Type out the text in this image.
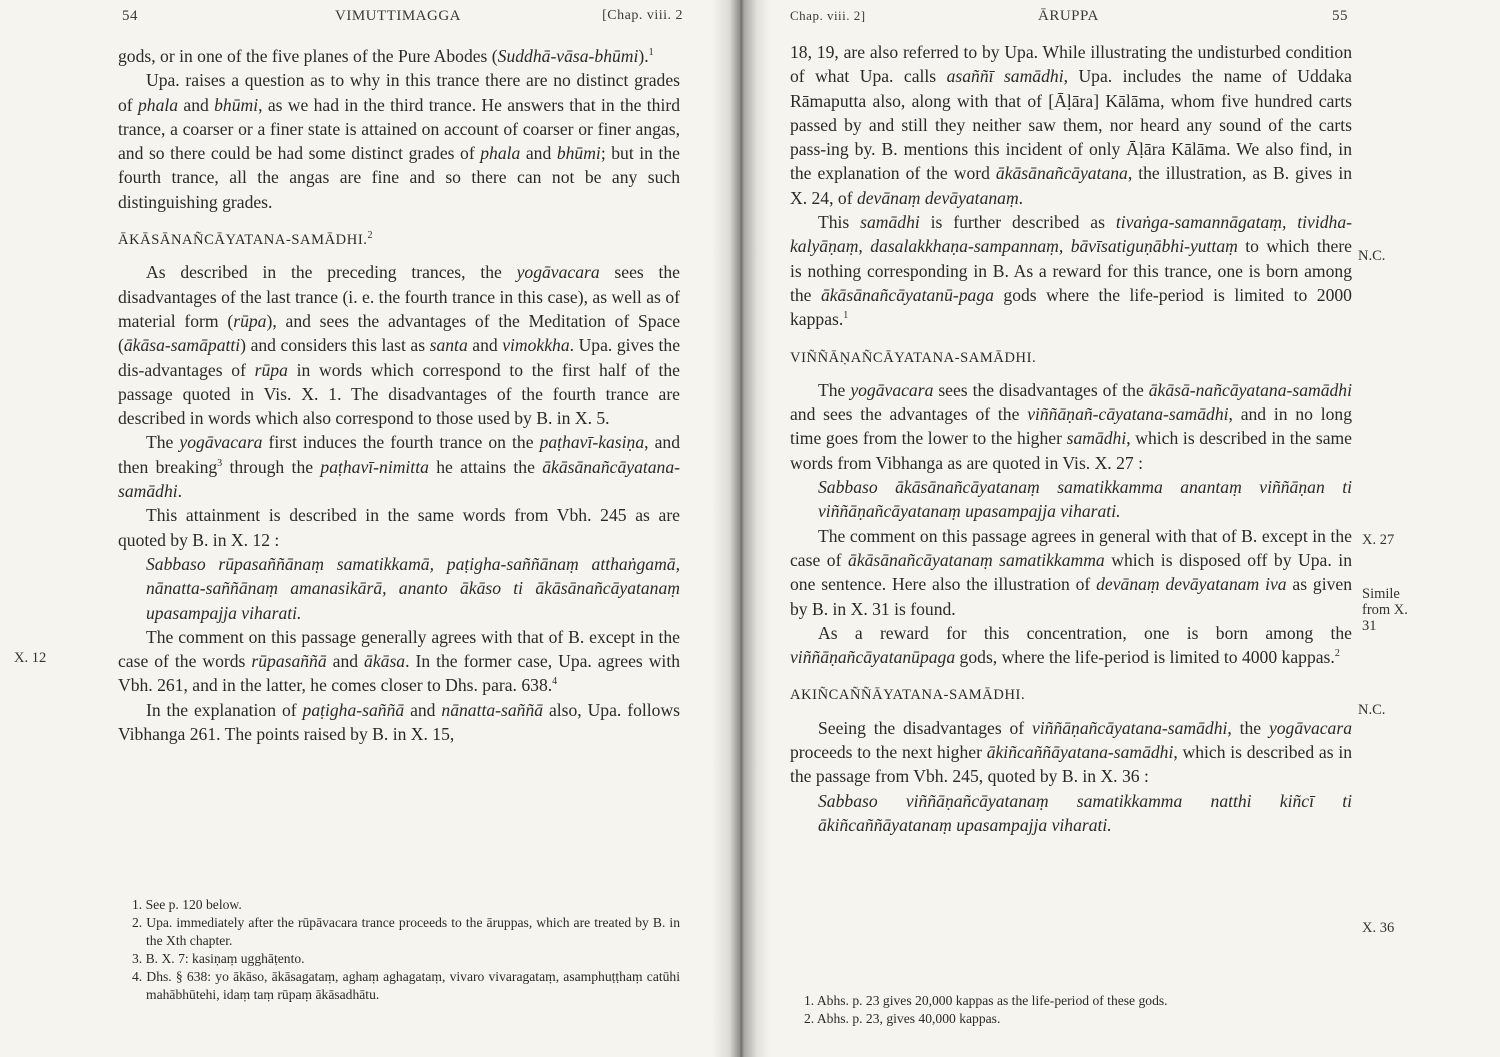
54	VIMUTTIMAGGA	[Chap. viii. 2

gods, or in one of the five planes of the Pure Abodes (Suddhā-vāsa-bhūmi).$^1$

Upa. raises a question as to why in this trance there are no distinct grades of phala and bhūmi, as we had in the third trance. He answers that in the third trance, a coarser or a finer state is attained on account of coarser or finer angas, and so there could be had some distinct grades of phala and bhūmi; but in the fourth trance, all the angas are fine and so there can not be any such distinguishing grades.

ĀKĀSĀNAÑCĀYATANA-SAMĀDHI.$^2$

As described in the preceding trances, the yogāvacara sees the disadvantages of the last trance (i. e. the fourth trance in this case), as well as of material form (rūpa), and sees the advantages of the Meditation of Space (ākāsa-samāpatti) and considers this last as santa and vimokkha. Upa. gives the dis-advantages of rūpa in words which correspond to the first half of the passage quoted in Vis. X. 1. The disadvantages of the fourth trance are described in words which also correspond to those used by B. in X. 5.

The yogāvacara first induces the fourth trance on the paṭhavī-kasiṇa, and then breaking$^3$ through the paṭhavī-nimitta he attains the ākāsānañcāyatana-samādhi.

This attainment is described in the same words from Vbh. 245 as are quoted by B. in X. 12 :

Sabbaso rūpasaññānaṃ samatikkamā, paṭigha-saññānaṃ atthaṅgamā, nānatta-saññānaṃ amanasikārā, ananto ākāso ti ākāsānañcāyatanaṃ upasampajja viharati.

The comment on this passage generally agrees with that of B. except in the case of the words rūpasaññā and ākāsa. In the former case, Upa. agrees with Vbh. 261, and in the latter, he comes closer to Dhs. para. 638.$^4$

In the explanation of paṭigha-saññā and nānatta-saññā also, Upa. follows Vibhanga 261. The points raised by B. in X. 15,

1. See p. 120 below.
2. Upa. immediately after the rūpāvacara trance proceeds to the āruppas, which are treated by B. in the Xth chapter.
3. B. X. 7: kasiṇaṃ ugghāṭento.
4. Dhs. § 638: yo ākāso, ākāsagataṃ, aghaṃ aghagataṃ, vivaro vivaragataṃ, asamphuṭṭhaṃ catūhi mahābhūtehi, idaṃ taṃ rūpaṃ ākāsadhātu.
X. 12
Chap. viii. 2]	ĀRUPPA	55

18, 19, are also referred to by Upa. While illustrating the undisturbed condition of what Upa. calls asaññī samādhi, Upa. includes the name of Uddaka Rāmaputta also, along with that of [Āḷāra] Kālāma, whom five hundred carts passed by and still they neither saw them, nor heard any sound of the carts pass-ing by. B. mentions this incident of only Āḷāra Kālāma. We also find, in the explanation of the word ākāsānañcāyatana, the illustration, as B. gives in X. 24, of devānaṃ devāyatanaṃ.

This samādhi is further described as tivaṅga-samannāgataṃ, tividha-kalyāṇaṃ, dasalakkhaṇa-sampannaṃ, bāvīsatiguṇābhi-yuttaṃ to which there is nothing corresponding in B. As a reward for this trance, one is born among the ākāsānañcāyatanū-paga gods where the life-period is limited to 2000 kappas.$^1$

VIÑÑĀṆAÑCĀYATANA-SAMĀDHI.

The yogāvacara sees the disadvantages of the ākāsā-nañcāyatana-samādhi and sees the advantages of the viññāṇañ-cāyatana-samādhi, and in no long time goes from the lower to the higher samādhi, which is described in the same words from Vibhanga as are quoted in Vis. X. 27 :

Sabbaso ākāsānañcāyatanaṃ samatikkamma anantaṃ viññāṇan ti viññāṇañcāyatanaṃ upasampajja viharati.

The comment on this passage agrees in general with that of B. except in the case of ākāsānañcāyatanaṃ samatikkamma which is disposed off by Upa. in one sentence. Here also the illustration of devānaṃ devāyatanam iva as given by B. in X. 31 is found.

As a reward for this concentration, one is born among the viññāṇañcāyatanūpaga gods, where the life-period is limited to 4000 kappas.$^2$

AKIÑCAÑÑĀYATANA-SAMĀDHI.

Seeing the disadvantages of viññāṇañcāyatana-samādhi, the yogāvacara proceeds to the next higher ākiñcaññāyatana-samādhi, which is described as in the passage from Vbh. 245, quoted by B. in X. 36 :

Sabbaso viññāṇañcāyatanaṃ samatikkamma natthi kiñcī ti ākiñcaññāyatanaṃ upasampajja viharati.

1. Abhs. p. 23 gives 20,000 kappas as the life-period of these gods.
2. Abhs. p. 23, gives 40,000 kappas.
N.C.
X. 27
Simile from X. 31
N.C.
X. 36
